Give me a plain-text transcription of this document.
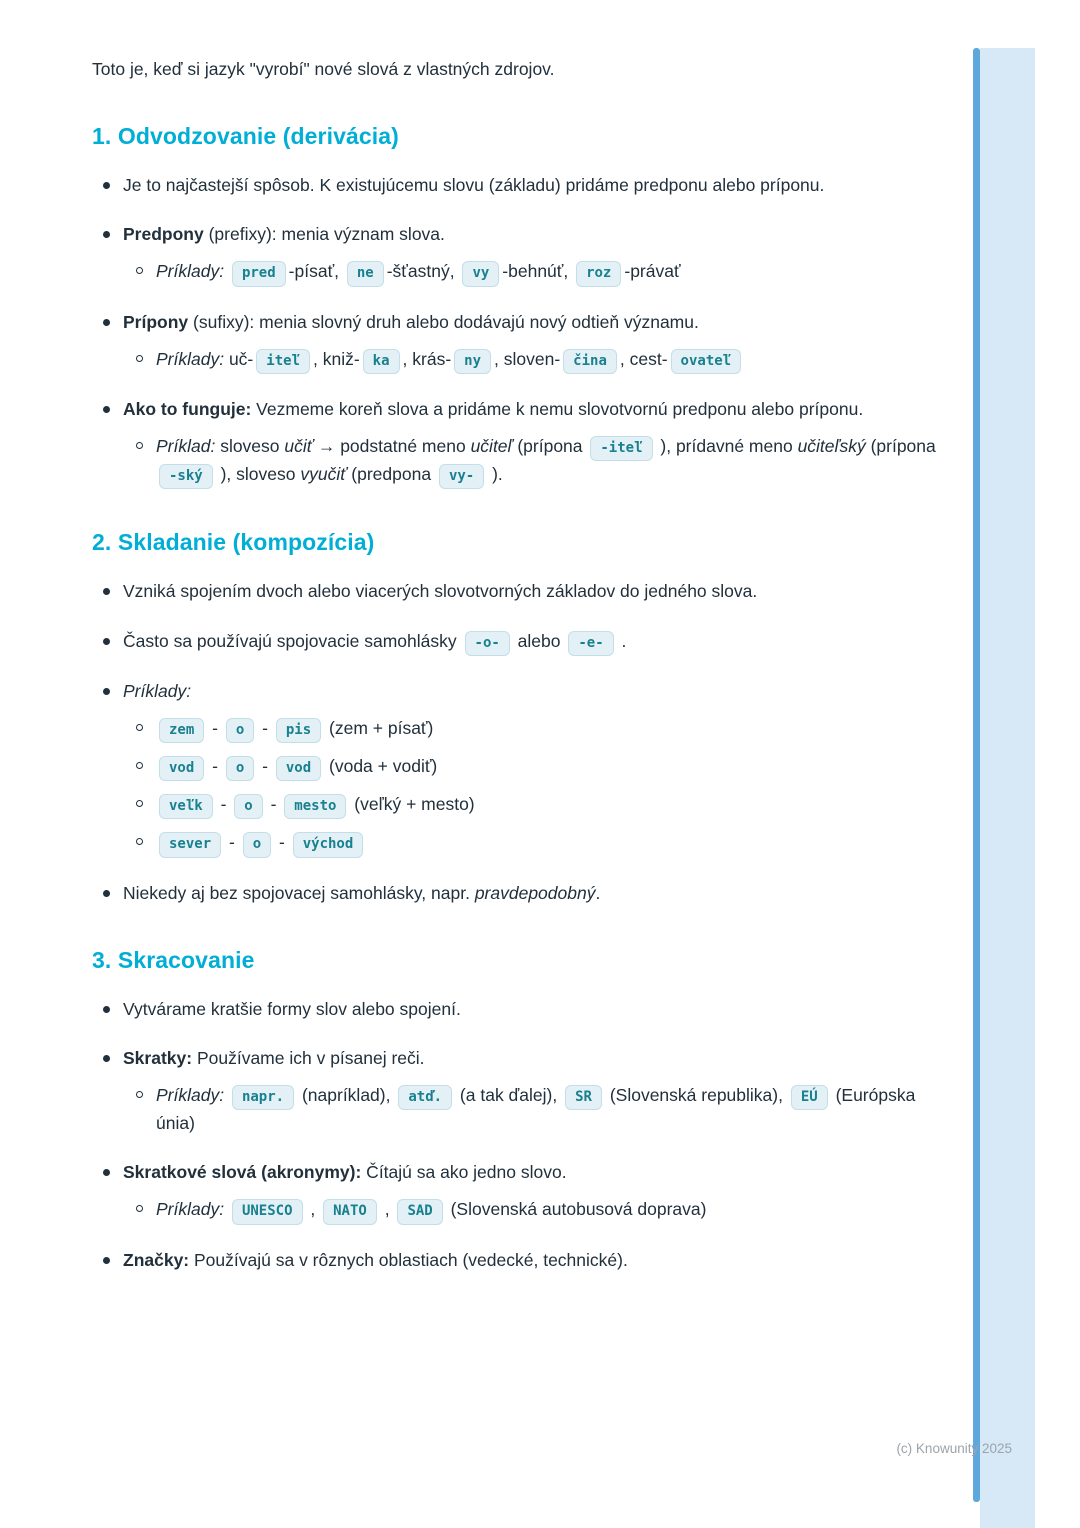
Toto je, keď si jazyk "vyrobí" nové slová z vlastných zdrojov.

1. Odvodzovanie (derivácia)
Je to najčastejší spôsob. K existujúcemu slovu (základu) pridáme predponu alebo príponu.
Predpony (prefixy): menia význam slova.
Príklady: pred -písať, ne -šťastný, vy -behnúť, roz -právať
Prípony (sufixy): menia slovný druh alebo dodávajú nový odtieň významu.
Príklady: uč- iteľ , kniž- ka , krás- ny , sloven- čina , cest- ovateľ
Ako to funguje: Vezmeme koreň slova a pridáme k nemu slovotvornú predponu alebo príponu.
Príklad: sloveso učiť → podstatné meno učiteľ (prípona -iteľ ), prídavné meno učiteľský (prípona -ský ), sloveso vyučiť (predpona vy- ).
2. Skladanie (kompozícia)
Vzniká spojením dvoch alebo viacerých slovotvorných základov do jedného slova.
Často sa používajú spojovacie samohlásky -o- alebo -e- .
Príklady:
zem - o - pis (zem + písať)
vod - o - vod (voda + vodiť)
veľk - o - mesto (veľký + mesto)
sever - o - východ
Niekedy aj bez spojovacej samohlásky, napr. pravdepodobný.
3. Skracovanie
Vytvárame kratšie formy slov alebo spojení.
Skratky: Používame ich v písanej reči.
Príklady: napr. (napríklad), atď. (a tak ďalej), SR (Slovenská republika), EÚ (Európska únia)
Skratkové slová (akronymy): Čítajú sa ako jedno slovo.
Príklady: UNESCO , NATO , SAD (Slovenská autobusová doprava)
Značky: Používajú sa v rôznych oblastiach (vedecké, technické).
(c) Knowunity 2025
